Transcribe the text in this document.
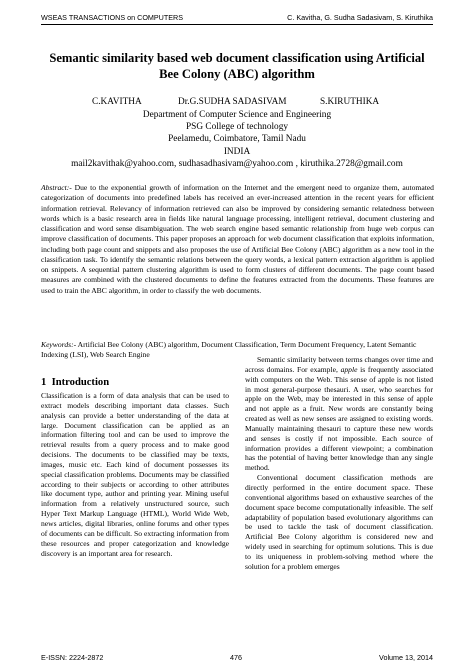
WSEAS TRANSACTIONS on COMPUTERS	C. Kavitha, G. Sudha Sadasivam, S. Kiruthika
Semantic similarity based web document classification using Artificial Bee Colony (ABC) algorithm
C.KAVITHA	Dr.G.SUDHA SADASIVAM	S.KIRUTHIKA
Department of Computer Science and Engineering
PSG College of technology
Peelamedu, Coimbatore, Tamil Nadu
INDIA
mail2kavithak@yahoo.com, sudhasadhasivam@yahoo.com , kiruthika.2728@gmail.com
Abstract:- Due to the exponential growth of information on the Internet and the emergent need to organize them, automated categorization of documents into predefined labels has received an ever-increased attention in the recent years for efficient information retrieval. Relevancy of information retrieved can also be improved by considering semantic relatedness between words which is a basic research area in fields like natural language processing, intelligent retrieval, document clustering and classification and word sense disambiguation. The web search engine based semantic relationship from huge web corpus can improve classification of documents. This paper proposes an approach for web document classification that exploits information, including both page count and snippets and also proposes the use of Artificial Bee Colony (ABC) algorithm as a new tool in the classification task. To identify the semantic relations between the query words, a lexical pattern extraction algorithm is applied on snippets. A sequential pattern clustering algorithm is used to form clusters of different documents. The page count based measures are combined with the clustered documents to define the features extracted from the documents. These features are used to train the ABC algorithm, in order to classify the web documents.
Keywords:- Artificial Bee Colony (ABC) algorithm, Document Classification, Term Document Frequency, Latent Semantic Indexing (LSI), Web Search Engine
1 Introduction

Classification is a form of data analysis that can be used to extract models describing important data classes. Such analysis can provide a better understanding of the data at large. Document classification can be applied as an information filtering tool and can be used to improve the retrieval results from a query process and to make good decisions. The documents to be classified may be texts, images, music etc. Each kind of document possesses its special classification problems. Documents may be classified according to their subjects or according to other attributes like document type, author and printing year. Mining useful information from a relatively unstructured source, such Hyper Text Markup Language (HTML), World Wide Web, news articles, digital libraries, online forums and other types of documents can be difficult. So extracting information from these resources and proper categorization and knowledge discovery is an important area for research.

Semantic similarity between terms changes over time and across domains. For example, apple is frequently associated with computers on the Web. This sense of apple is not listed in most general-purpose thesauri. A user, who searches for apple on the Web, may be interested in this sense of apple and not apple as a fruit. New words are constantly being created as well as new senses are assigned to existing words. Manually maintaining thesauri to capture these new words and senses is costly if not impossible. Each source of information provides a different viewpoint; a combination has the potential of having better knowledge than any single method.

Conventional document classification methods are directly performed in the entire document space. These conventional algorithms based on exhaustive searches of the document space become computationally infeasible. The self adaptability of population based evolutionary algorithms can be used to tackle the task of document classification. Artificial Bee Colony algorithm is considered new and widely used in searching for optimum solutions. This is due to its uniqueness in problem-solving method where the solution for a problem emerges

E-ISSN: 2224-2872	476	Volume 13, 2014
